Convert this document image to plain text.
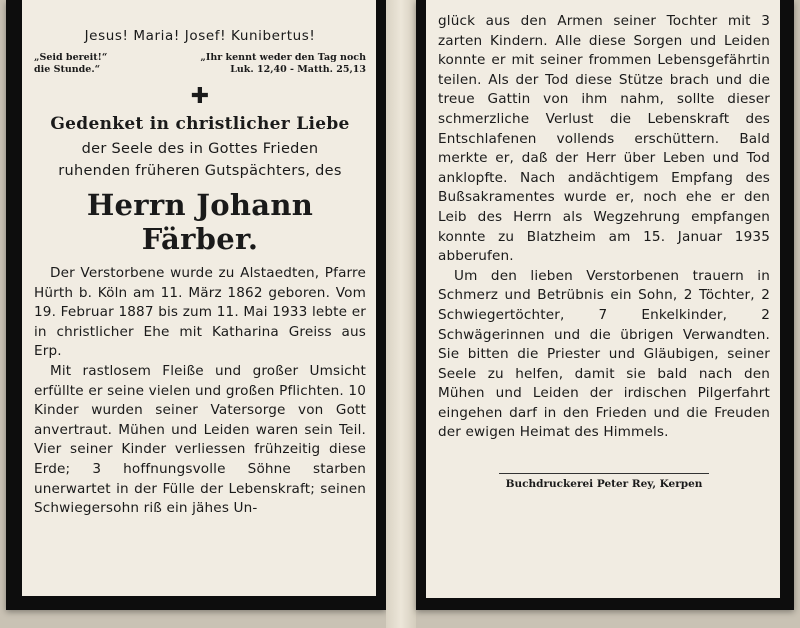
Jesus! Maria! Josef! Kunibertus!
„Seid bereit!“
die Stunde.“
„Ihr kennt weder den Tag noch
Luk. 12,40 - Matth. 25,13
✚
Gedenket in christlicher Liebe
der Seele des in Gottes Frieden
ruhenden früheren Gutspächters, des
Herrn Johann Färber.

Der Verstorbene wurde zu Alstaedten, Pfarre Hürth b. Köln am 11. März 1862 geboren. Vom 19. Februar 1887 bis zum 11. Mai 1933 lebte er in christlicher Ehe mit Katharina Greiss aus Erp.

Mit rastlosem Fleiße und großer Umsicht erfüllte er seine vielen und großen Pflichten. 10 Kinder wurden seiner Vatersorge von Gott anvertraut. Mühen und Leiden waren sein Teil. Vier seiner Kinder verliessen frühzeitig diese Erde; 3 hoffnungsvolle Söhne starben unerwartet in der Fülle der Lebenskraft; seinen Schwiegersohn riß ein jähes Un-

glück aus den Armen seiner Tochter mit 3 zarten Kindern. Alle diese Sorgen und Leiden konnte er mit seiner frommen Lebensgefährtin teilen. Als der Tod diese Stütze brach und die treue Gattin von ihm nahm, sollte dieser schmerzliche Verlust die Lebenskraft des Entschlafenen vollends erschüttern. Bald merkte er, daß der Herr über Leben und Tod anklopfte. Nach andächtigem Empfang des Bußsakramentes wurde er, noch ehe er den Leib des Herrn als Wegzehrung empfangen konnte zu Blatzheim am 15. Januar 1935 abberufen.

Um den lieben Verstorbenen trauern in Schmerz und Betrübnis ein Sohn, 2 Töchter, 2 Schwiegertöchter, 7 Enkelkinder, 2 Schwägerinnen und die übrigen Verwandten. Sie bitten die Priester und Gläubigen, seiner Seele zu helfen, damit sie bald nach den Mühen und Leiden der irdischen Pilgerfahrt eingehen darf in den Frieden und die Freuden der ewigen Heimat des Himmels.

Buchdruckerei Peter Rey, Kerpen
